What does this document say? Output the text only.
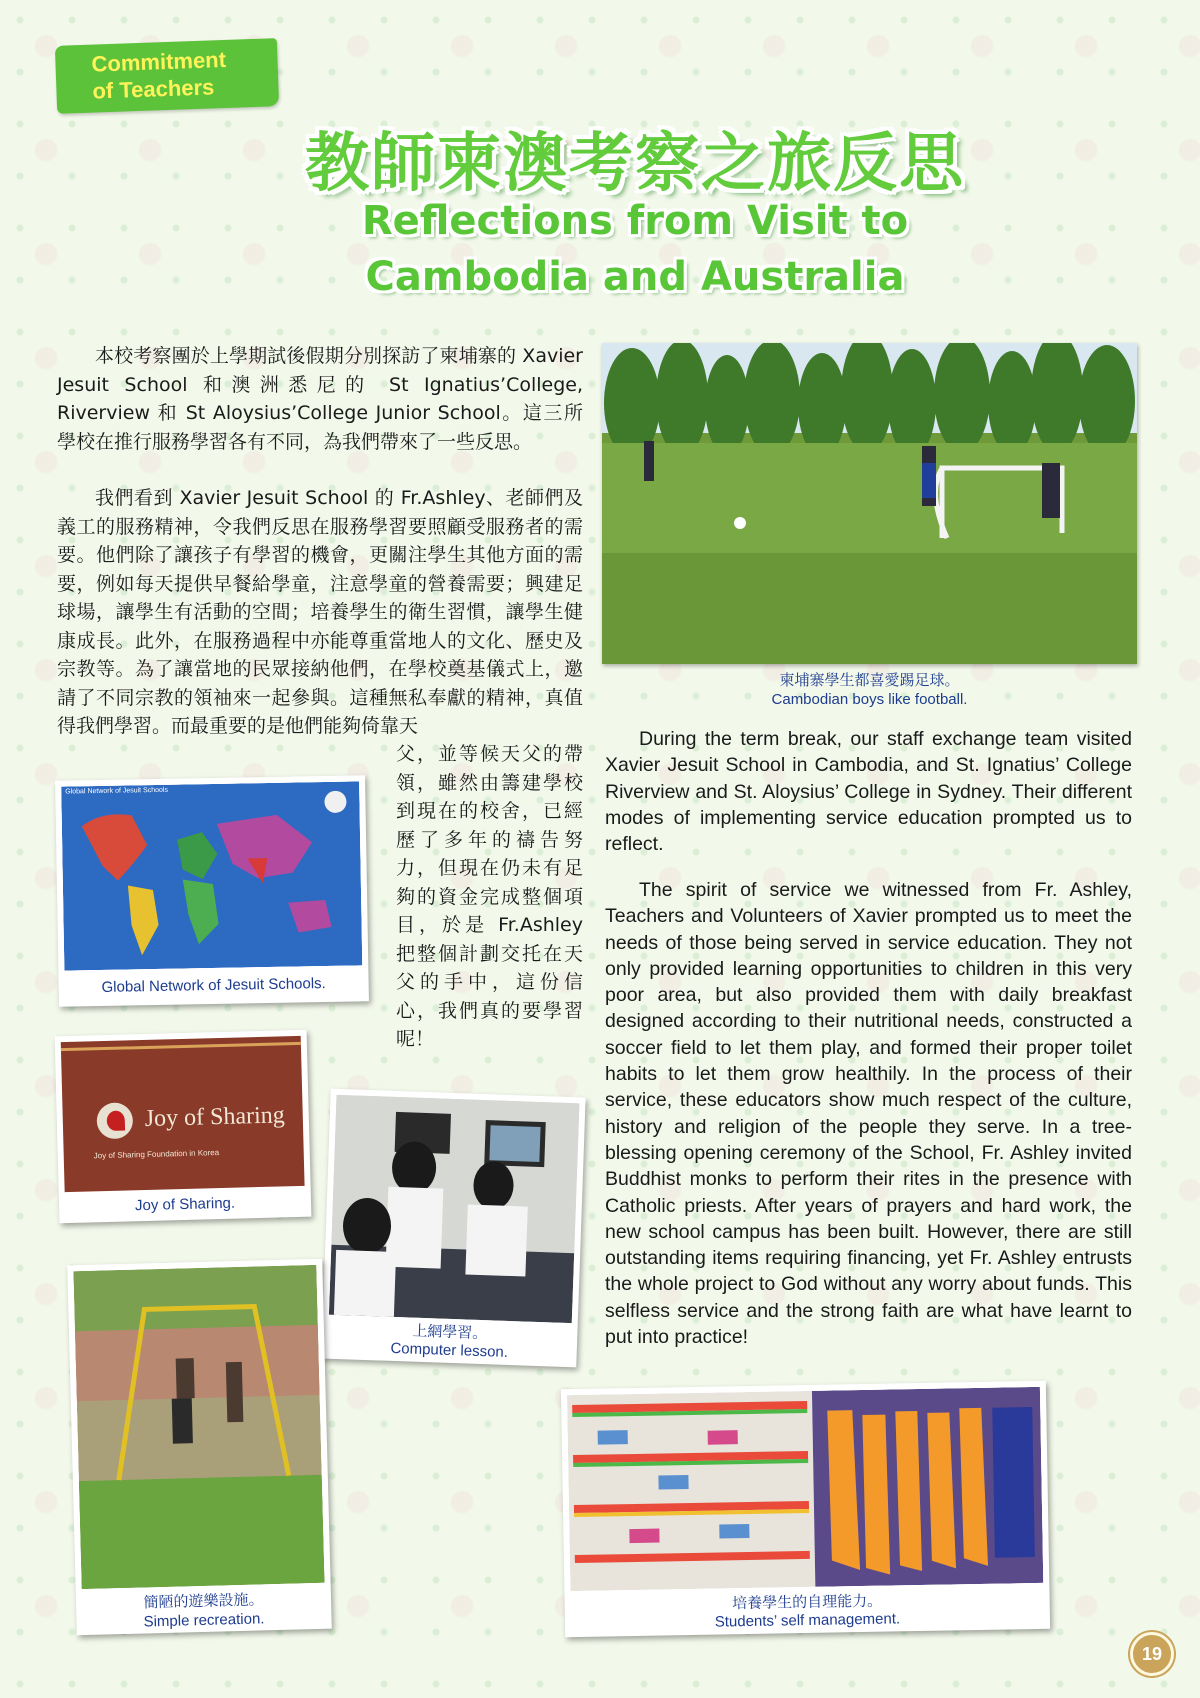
Commitment
of Teachers
教師柬澳考察之旅反思
Reflections from Visit to
Cambodia and Australia

本校考察團於上學期試後假期分別探訪了柬埔寨的 Xavier Jesuit School 和澳洲悉尼的 St Ignatius’College, Riverview 和 St Aloysius’College Junior School。這三所學校在推行服務學習各有不同，為我們帶來了一些反思。

我們看到 Xavier Jesuit School 的 Fr.Ashley、老師們及義工的服務精神，令我們反思在服務學習要照顧受服務者的需要。他們除了讓孩子有學習的機會，更關注學生其他方面的需要，例如每天提供早餐給學童，注意學童的營養需要；興建足球場，讓學生有活動的空間；培養學生的衛生習慣，讓學生健康成長。此外，在服務過程中亦能尊重當地人的文化、歷史及宗教等。為了讓當地的民眾接納他們，在學校奠基儀式上，邀請了不同宗教的領袖來一起參與。這種無私奉獻的精神，真值得我們學習。而最重要的是他們能夠倚靠天

父，並等候天父的帶領，雖然由籌建學校到現在的校舍，已經歷了多年的禱告努力，但現在仍未有足夠的資金完成整個項目，於是 Fr.Ashley 把整個計劃交托在天父的手中，這份信心，我們真的要學習呢！

柬埔寨學生都喜愛踢足球。
Cambodian boys like football.

During the term break, our staff exchange team visited Xavier Jesuit School in Cambodia, and St. Ignatius’ College Riverview and St. Aloysius’ College in Sydney. Their different modes of implementing service education prompted us to reflect.

The spirit of service we witnessed from Fr. Ashley, Teachers and Volunteers of Xavier prompted us to meet the needs of those being served in service education. They not only provided learning opportunities to children in this very poor area, but also provided them with daily breakfast designed according to their nutritional needs, constructed a soccer field to let them play, and formed their proper toilet habits to let them grow healthily. In the process of their service, these educators show much respect of the culture, history and religion of the people they serve. In a tree-blessing opening ceremony of the School, Fr. Ashley invited Buddhist monks to perform their rites in the presence with Catholic priests. After years of prayers and hard work, the new school campus has been built. However, there are still outstanding items requiring financing, yet Fr. Ashley entrusts the whole project to God without any worry about funds. This selfless service and the strong faith are what have learnt to put into practice!

Global Network of Jesuit Schools
Global Network of Jesuit Schools.
Joy of Sharing
Joy of Sharing Foundation in Korea
Joy of Sharing.
上網學習。
Computer lesson.
簡陋的遊樂設施。
Simple recreation.
培養學生的自理能力。
Students’ self management.
19
